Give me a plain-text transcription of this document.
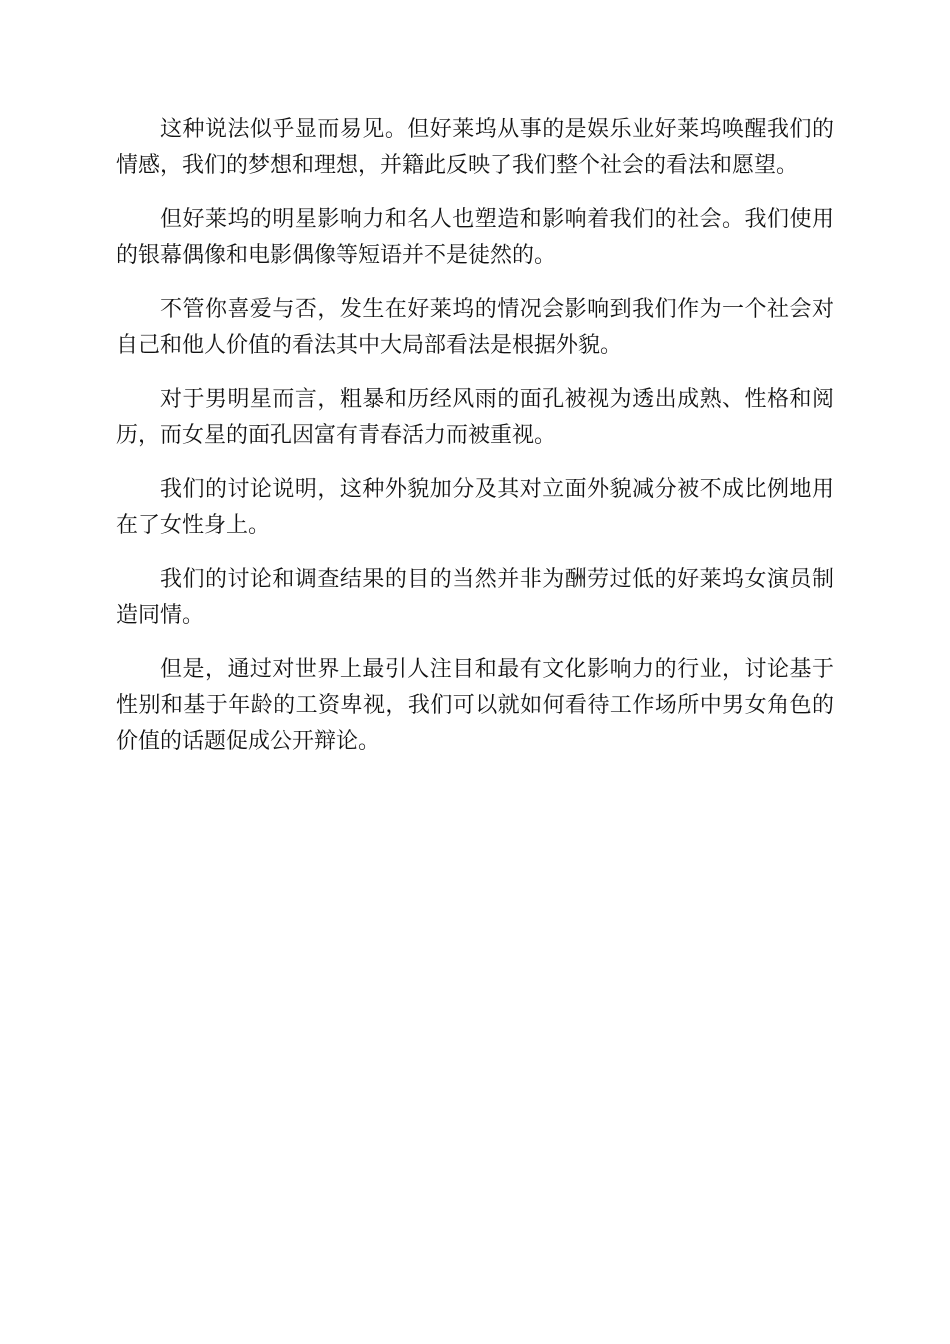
这种说法似乎显而易见。但好莱坞从事的是娱乐业好莱坞唤醒我们的情感，我们的梦想和理想，并籍此反映了我们整个社会的看法和愿望。

但好莱坞的明星影响力和名人也塑造和影响着我们的社会。我们使用的银幕偶像和电影偶像等短语并不是徒然的。

不管你喜爱与否，发生在好莱坞的情况会影响到我们作为一个社会对自己和他人价值的看法其中大局部看法是根据外貌。

对于男明星而言，粗暴和历经风雨的面孔被视为透出成熟、性格和阅历，而女星的面孔因富有青春活力而被重视。

我们的讨论说明，这种外貌加分及其对立面外貌减分被不成比例地用在了女性身上。

我们的讨论和调查结果的目的当然并非为酬劳过低的好莱坞女演员制造同情。

但是，通过对世界上最引人注目和最有文化影响力的行业，讨论基于性别和基于年龄的工资卑视，我们可以就如何看待工作场所中男女角色的价值的话题促成公开辩论。
